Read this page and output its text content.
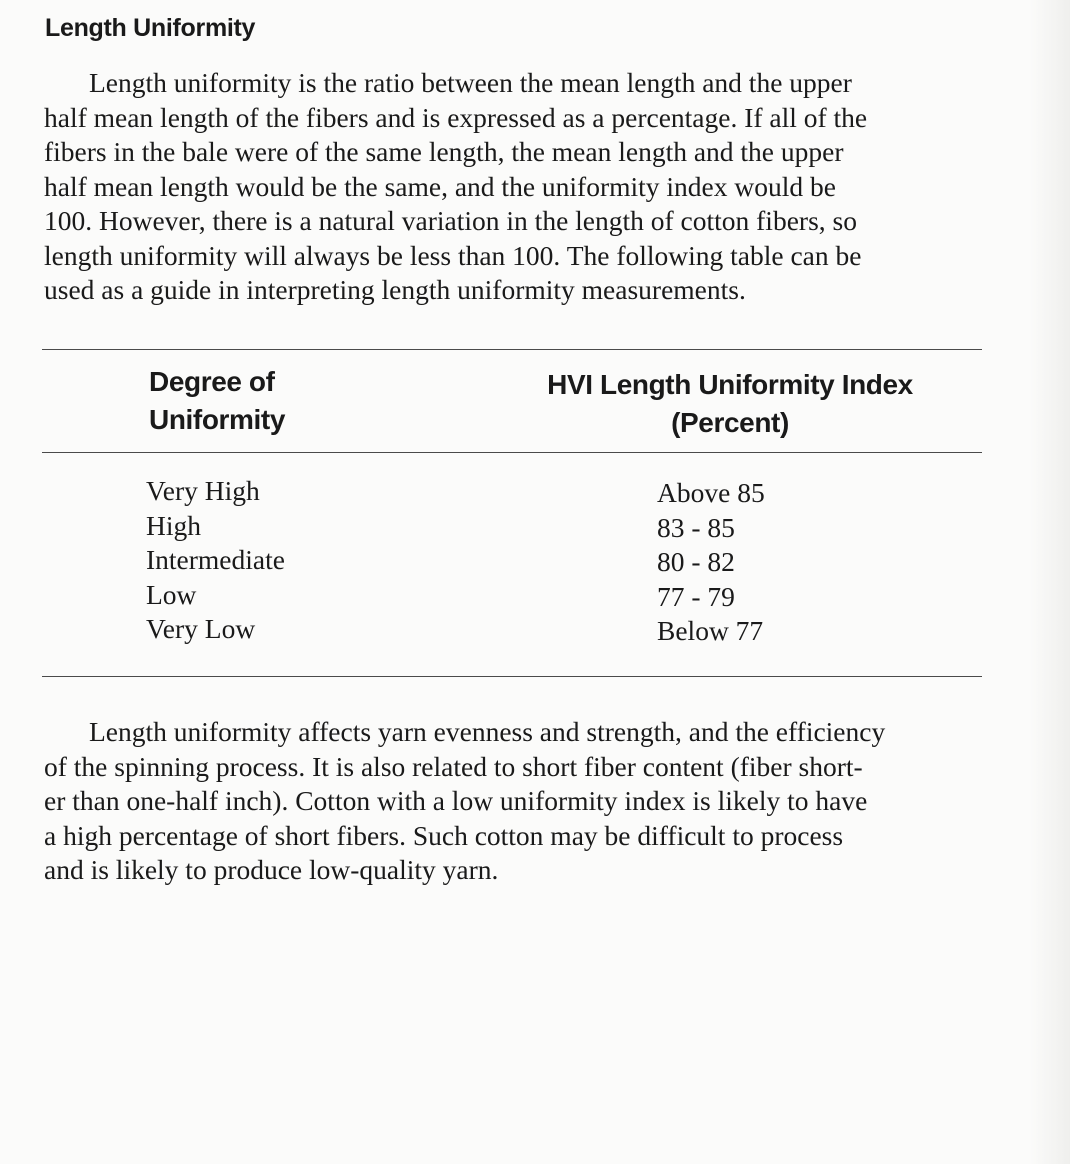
Length Uniformity

Length uniformity is the ratio between the mean length and the upper
half mean length of the fibers and is expressed as a percentage. If all of the
fibers in the bale were of the same length, the mean length and the upper
half mean length would be the same, and the uniformity index would be
100. However, there is a natural variation in the length of cotton fibers, so
length uniformity will always be less than 100. The following table can be
used as a guide in interpreting length uniformity measurements.

Degree of
Uniformity
HVI Length Uniformity Index
(Percent)
Very High
High
Intermediate
Low
Very Low
Above 85
83 - 85
80 - 82
77 - 79
Below 77

Length uniformity affects yarn evenness and strength, and the efficiency
of the spinning process. It is also related to short fiber content (fiber short-
er than one-half inch). Cotton with a low uniformity index is likely to have
a high percentage of short fibers. Such cotton may be difficult to process
and is likely to produce low-quality yarn.
